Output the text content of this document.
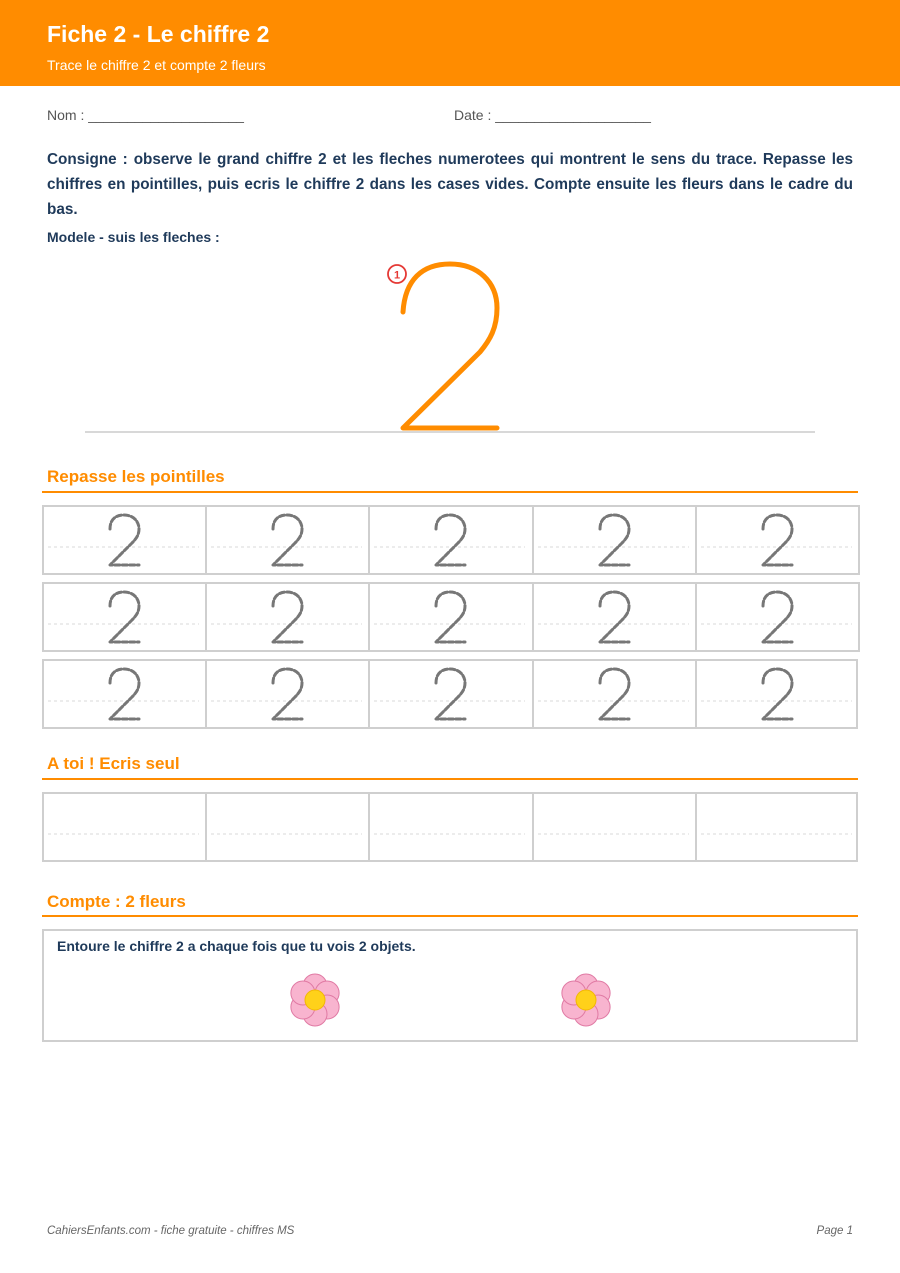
Fiche 2 - Le chiffre 2
Trace le chiffre 2 et compte 2 fleurs
Nom : ____________________	Date : ____________________
Consigne : observe le grand chiffre 2 et les fleches numerotees qui montrent le sens du trace. Repasse les chiffres en pointilles, puis ecris le chiffre 2 dans les cases vides. Compte ensuite les fleurs dans le cadre du bas.
Modele - suis les fleches :
1
Repasse les pointilles
A toi ! Ecris seul
Compte : 2 fleurs
Entoure le chiffre 2 a chaque fois que tu vois 2 objets.
CahiersEnfants.com - fiche gratuite - chiffres MS	Page 1
